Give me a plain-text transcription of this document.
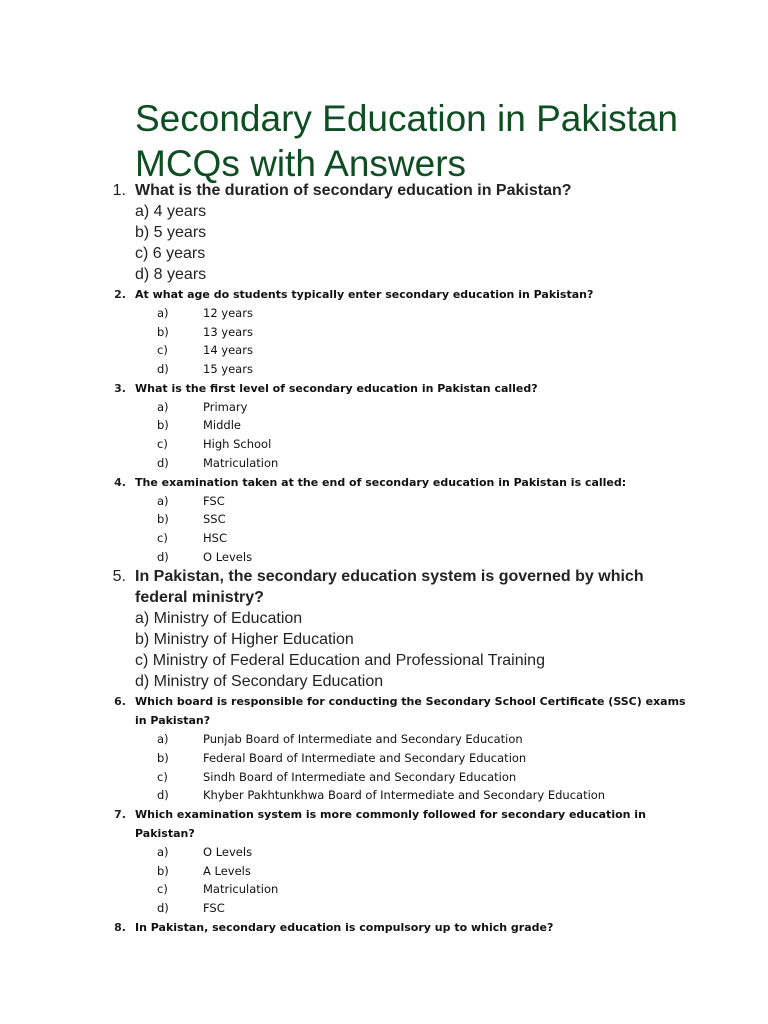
Secondary Education in Pakistan MCQs with Answers
1. What is the duration of secondary education in Pakistan?
a) 4 years
b) 5 years
c) 6 years
d) 8 years
2. At what age do students typically enter secondary education in Pakistan?
a)	12 years
b)	13 years
c)	14 years
d)	15 years
3. What is the first level of secondary education in Pakistan called?
a)	Primary
b)	Middle
c)	High School
d)	Matriculation
4. The examination taken at the end of secondary education in Pakistan is called:
a)	FSC
b)	SSC
c)	HSC
d)	O Levels
5. In Pakistan, the secondary education system is governed by which federal ministry?
a) Ministry of Education
b) Ministry of Higher Education
c) Ministry of Federal Education and Professional Training
d) Ministry of Secondary Education
6. Which board is responsible for conducting the Secondary School Certificate (SSC) exams in Pakistan?
a)	Punjab Board of Intermediate and Secondary Education
b)	Federal Board of Intermediate and Secondary Education
c)	Sindh Board of Intermediate and Secondary Education
d)	Khyber Pakhtunkhwa Board of Intermediate and Secondary Education
7. Which examination system is more commonly followed for secondary education in Pakistan?
a)	O Levels
b)	A Levels
c)	Matriculation
d)	FSC
8. In Pakistan, secondary education is compulsory up to which grade?
